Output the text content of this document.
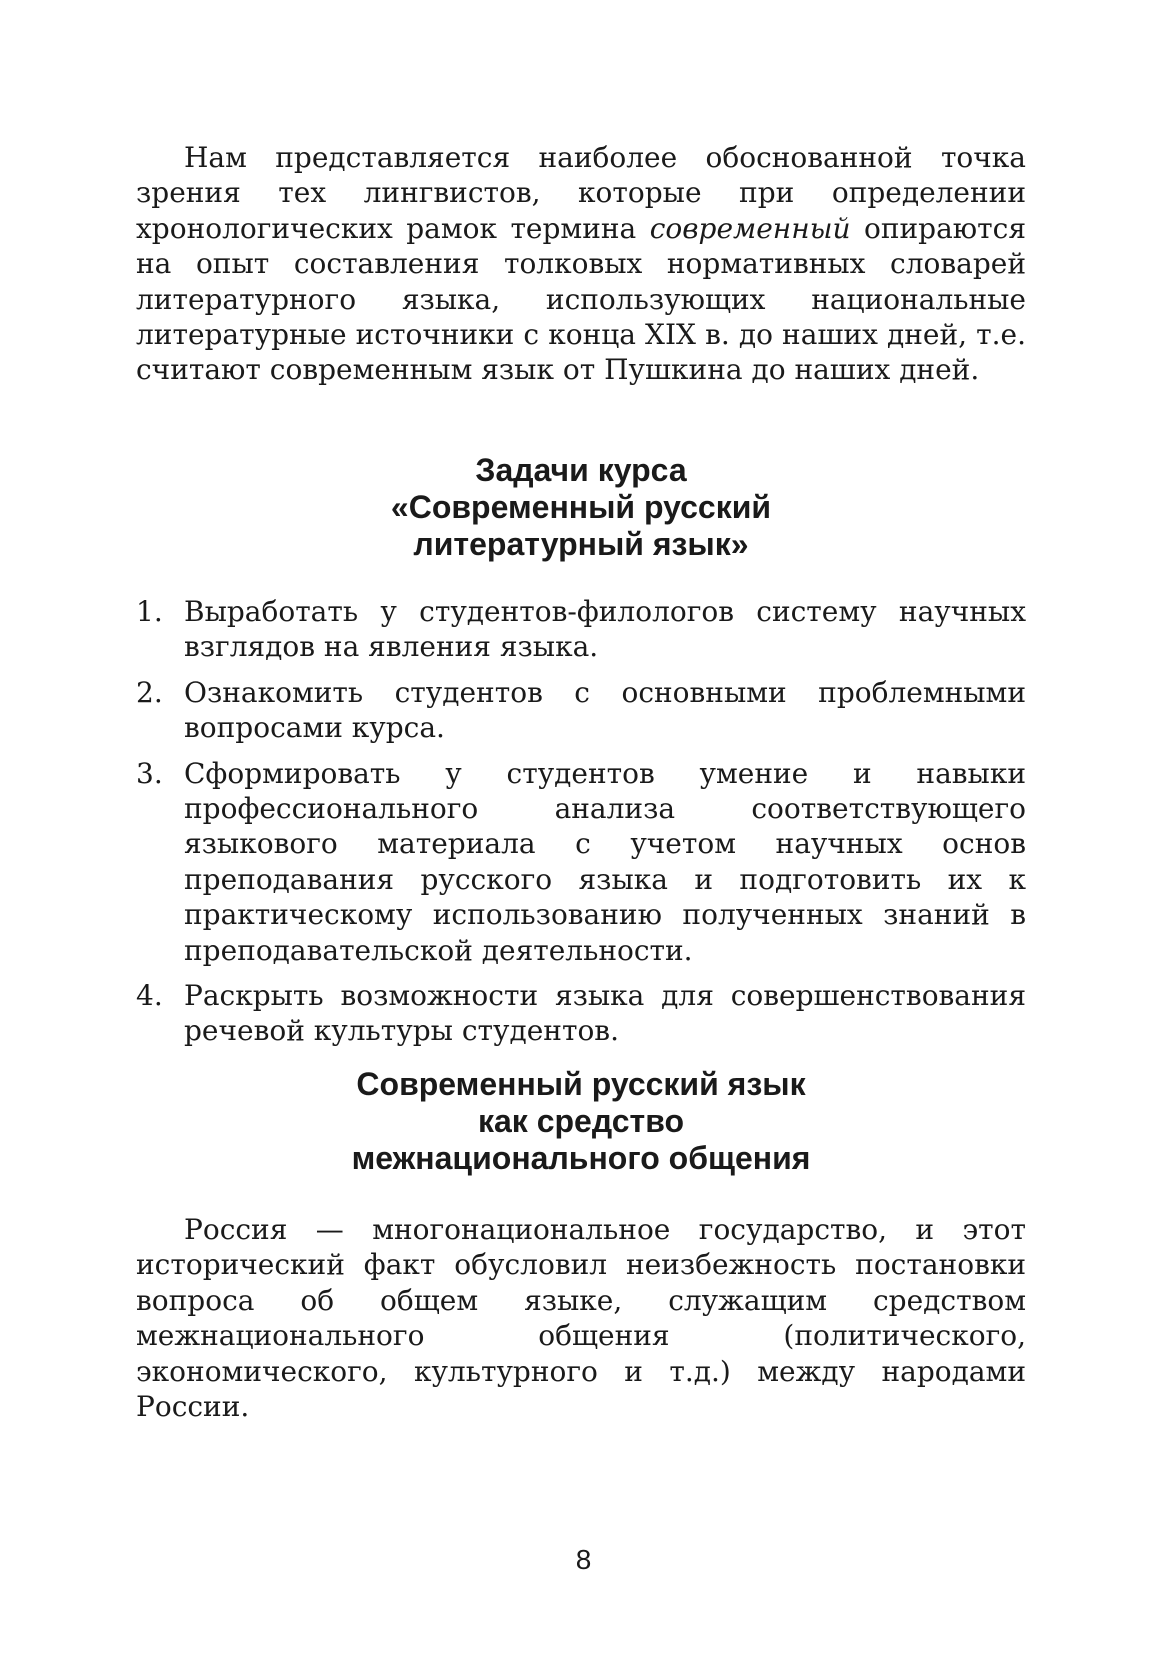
Нам представляется наиболее обоснованной точка зрения тех лингвистов, которые при определении хронологических рамок термина современный опираются на опыт составления толковых нормативных словарей литературного языка, использующих национальные литературные источники с конца XIX в. до наших дней, т.е. считают современным язык от Пушкина до наших дней.

Задачи курса
«Современный русский
литературный язык»
1. Выработать у студентов-филологов систему научных взглядов на явления языка.
2. Ознакомить студентов с основными проблемными вопросами курса.
3. Сформировать у студентов умение и навыки профессионального анализа соответствующего языкового материала с учетом научных основ преподавания русского языка и подготовить их к практическому использованию полученных знаний в преподавательской деятельности.
4. Раскрыть возможности языка для совершенствования речевой культуры студентов.
Современный русский язык
как средство
межнационального общения

Россия — многонациональное государство, и этот исторический факт обусловил неизбежность постановки вопроса об общем языке, служащим средством межнационального общения (политического, экономического, культурного и т.д.) между народами России.

8
